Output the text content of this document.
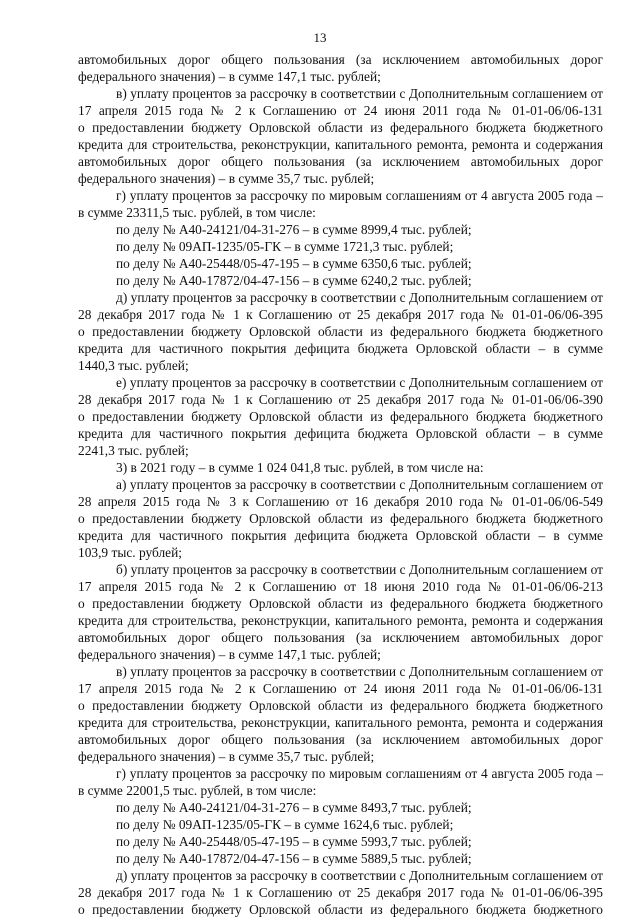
13
автомобильных дорог общего пользования (за исключением автомобильных дорог
федерального значения) – в сумме 147,1 тыс. рублей;
в) уплату процентов за рассрочку в соответствии с Дополнительным соглашением от
17 апреля 2015 года № 2 к Соглашению от 24 июня 2011 года № 01-01-06/06-131
о предоставлении бюджету Орловской области из федерального бюджета бюджетного
кредита для строительства, реконструкции, капитального ремонта, ремонта и содержания
автомобильных дорог общего пользования (за исключением автомобильных дорог
федерального значения) – в сумме 35,7 тыс. рублей;
г) уплату процентов за рассрочку по мировым соглашениям от 4 августа 2005 года –
в сумме 23311,5 тыс. рублей, в том числе:
по делу № А40-24121/04-31-276 – в сумме 8999,4 тыс. рублей;
по делу № 09АП-1235/05-ГК – в сумме 1721,3 тыс. рублей;
по делу № А40-25448/05-47-195 – в сумме 6350,6 тыс. рублей;
по делу № А40-17872/04-47-156 – в сумме 6240,2 тыс. рублей;
д) уплату процентов за рассрочку в соответствии с Дополнительным соглашением от
28 декабря 2017 года № 1 к Соглашению от 25 декабря 2017 года № 01-01-06/06-395
о предоставлении бюджету Орловской области из федерального бюджета бюджетного
кредита для частичного покрытия дефицита бюджета Орловской области – в сумме
1440,3 тыс. рублей;
е) уплату процентов за рассрочку в соответствии с Дополнительным соглашением от
28 декабря 2017 года № 1 к Соглашению от 25 декабря 2017 года № 01-01-06/06-390
о предоставлении бюджету Орловской области из федерального бюджета бюджетного
кредита для частичного покрытия дефицита бюджета Орловской области – в сумме
2241,3 тыс. рублей;
3) в 2021 году – в сумме 1 024 041,8 тыс. рублей, в том числе на:
а) уплату процентов за рассрочку в соответствии с Дополнительным соглашением от
28 апреля 2015 года № 3 к Соглашению от 16 декабря 2010 года № 01-01-06/06-549
о предоставлении бюджету Орловской области из федерального бюджета бюджетного
кредита для частичного покрытия дефицита бюджета Орловской области – в сумме
103,9 тыс. рублей;
б) уплату процентов за рассрочку в соответствии с Дополнительным соглашением от
17 апреля 2015 года № 2 к Соглашению от 18 июня 2010 года № 01-01-06/06-213
о предоставлении бюджету Орловской области из федерального бюджета бюджетного
кредита для строительства, реконструкции, капитального ремонта, ремонта и содержания
автомобильных дорог общего пользования (за исключением автомобильных дорог
федерального значения) – в сумме 147,1 тыс. рублей;
в) уплату процентов за рассрочку в соответствии с Дополнительным соглашением от
17 апреля 2015 года № 2 к Соглашению от 24 июня 2011 года № 01-01-06/06-131
о предоставлении бюджету Орловской области из федерального бюджета бюджетного
кредита для строительства, реконструкции, капитального ремонта, ремонта и содержания
автомобильных дорог общего пользования (за исключением автомобильных дорог
федерального значения) – в сумме 35,7 тыс. рублей;
г) уплату процентов за рассрочку по мировым соглашениям от 4 августа 2005 года –
в сумме 22001,5 тыс. рублей, в том числе:
по делу № А40-24121/04-31-276 – в сумме 8493,7 тыс. рублей;
по делу № 09АП-1235/05-ГК – в сумме 1624,6 тыс. рублей;
по делу № А40-25448/05-47-195 – в сумме 5993,7 тыс. рублей;
по делу № А40-17872/04-47-156 – в сумме 5889,5 тыс. рублей;
д) уплату процентов за рассрочку в соответствии с Дополнительным соглашением от
28 декабря 2017 года № 1 к Соглашению от 25 декабря 2017 года № 01-01-06/06-395
о предоставлении бюджету Орловской области из федерального бюджета бюджетного
